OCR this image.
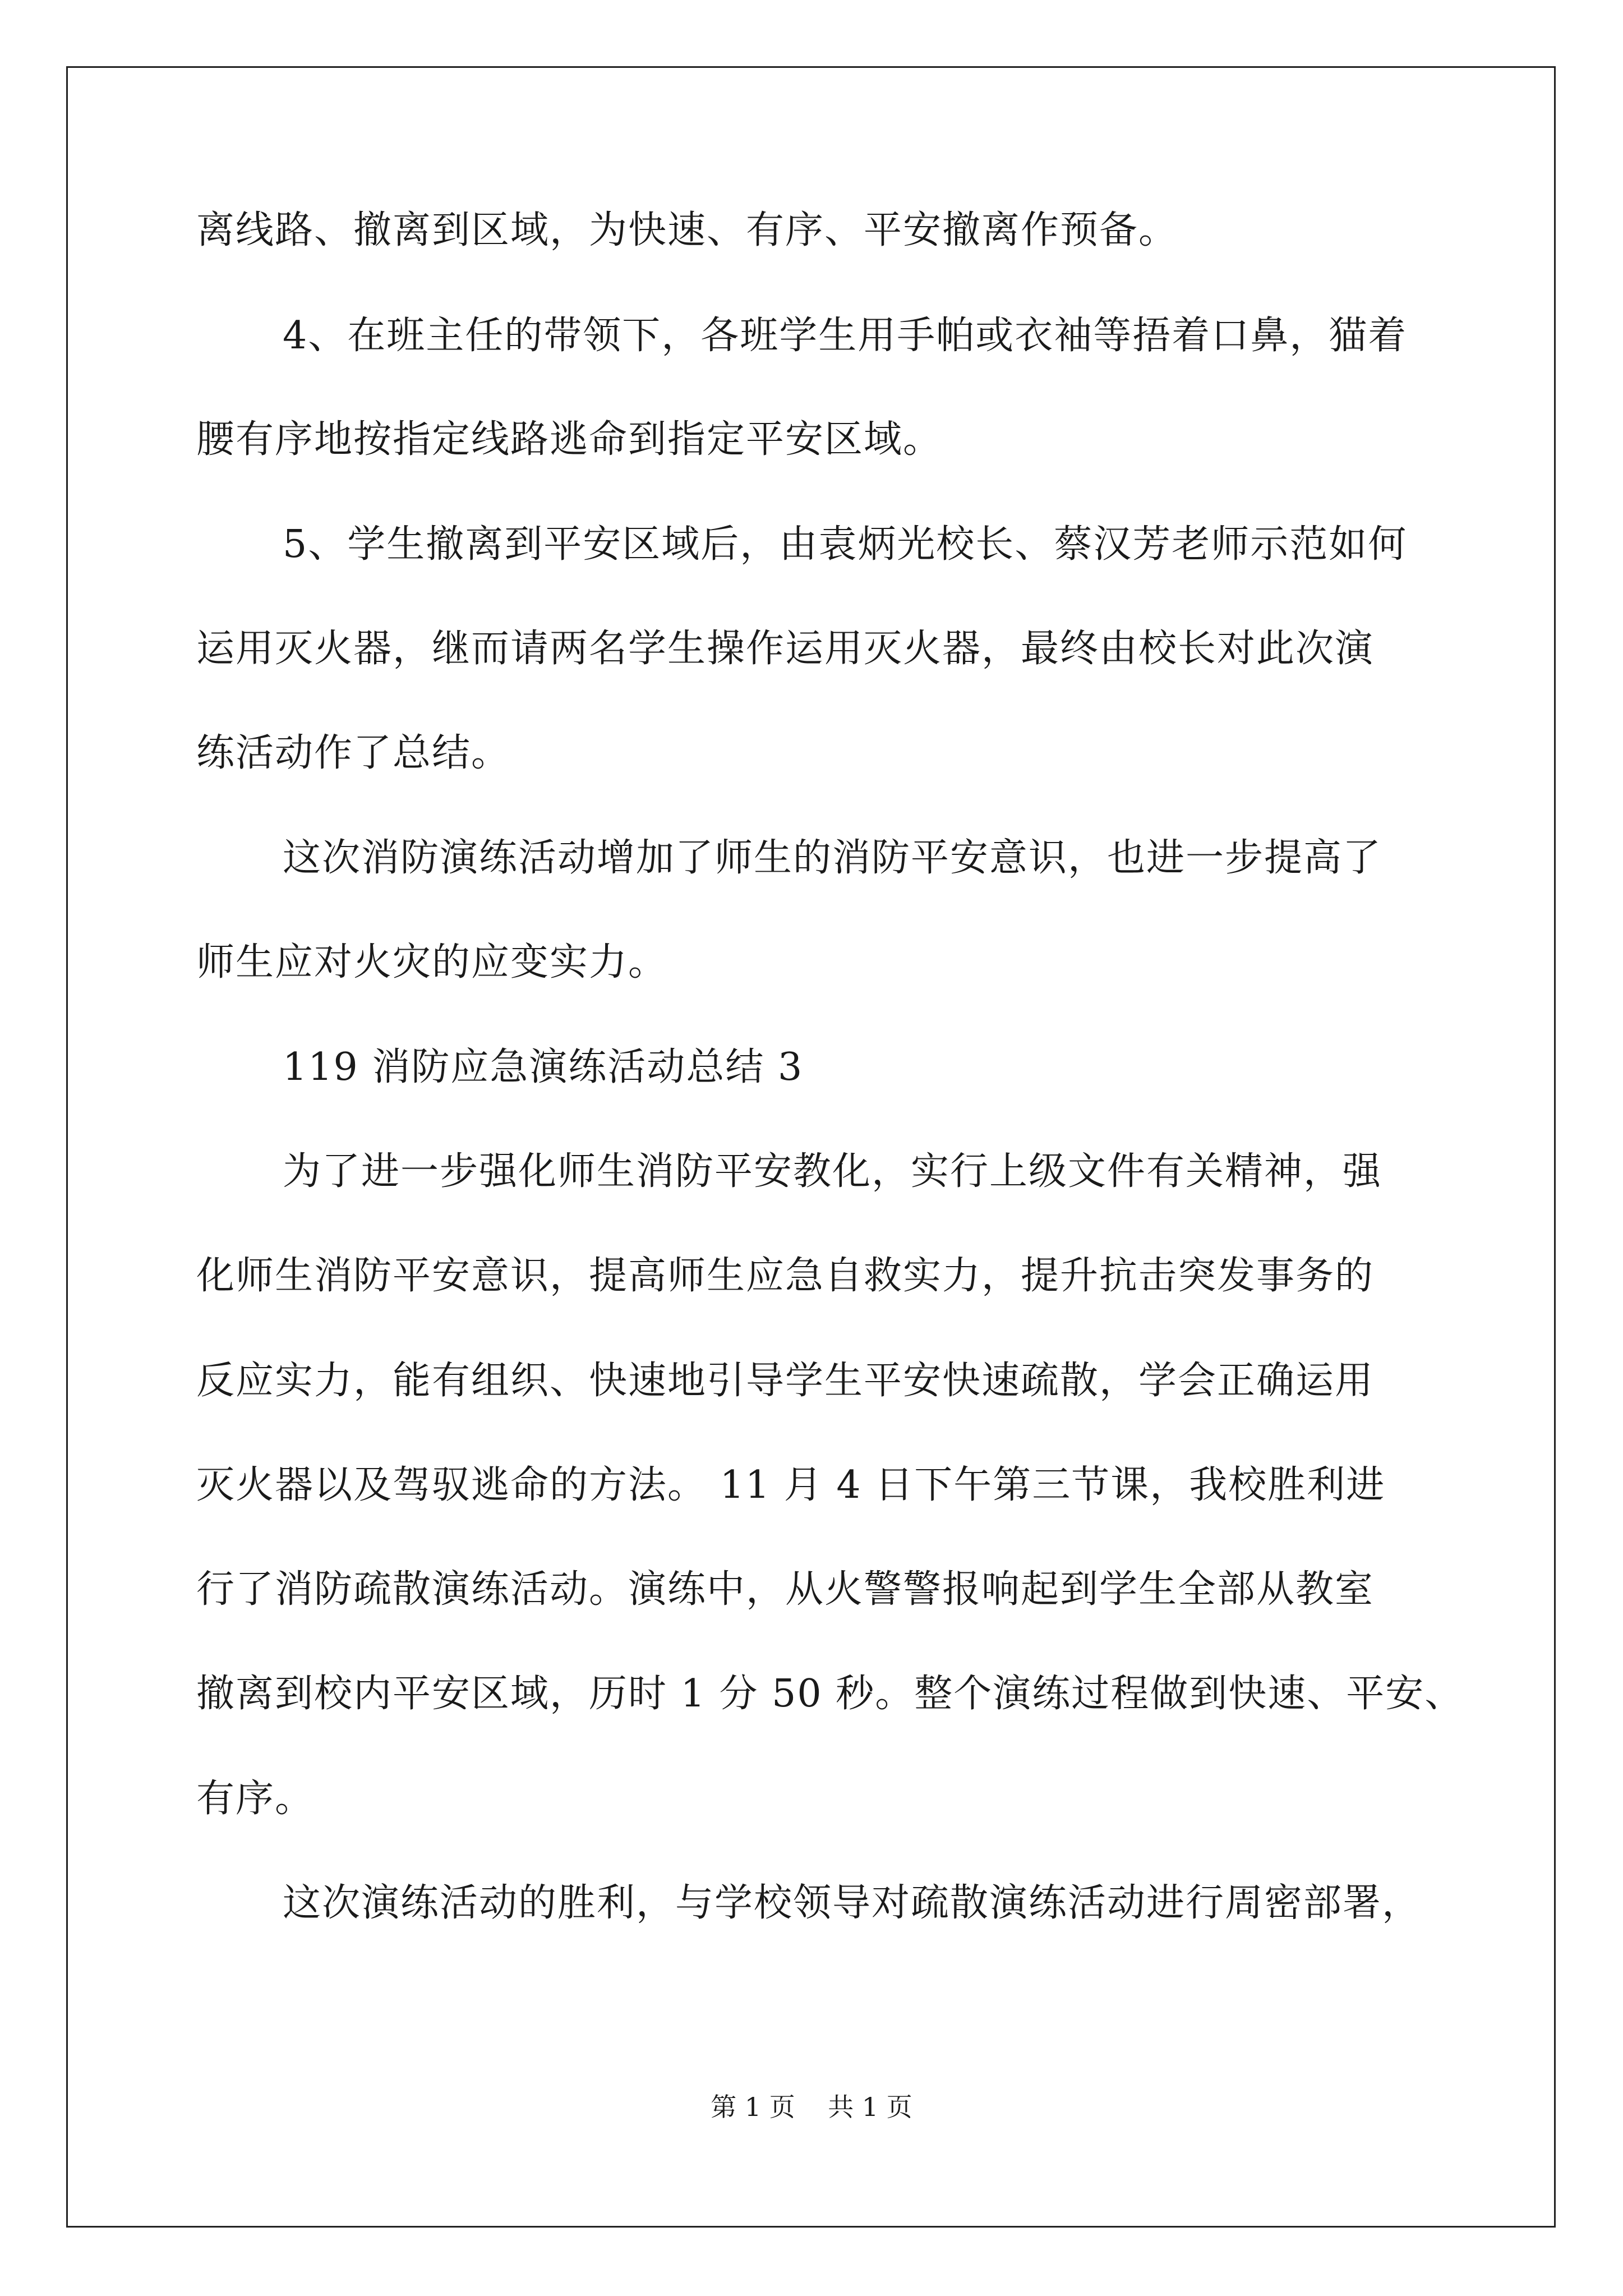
离线路、撤离到区域，为快速、有序、平安撤离作预备。
4、在班主任的带领下，各班学生用手帕或衣袖等捂着口鼻，猫着
腰有序地按指定线路逃命到指定平安区域。
5、学生撤离到平安区域后，由袁炳光校长、蔡汉芳老师示范如何
运用灭火器，继而请两名学生操作运用灭火器，最终由校长对此次演
练活动作了总结。
这次消防演练活动增加了师生的消防平安意识，也进一步提高了
师生应对火灾的应变实力。
119 消防应急演练活动总结 3
为了进一步强化师生消防平安教化，实行上级文件有关精神，强
化师生消防平安意识，提高师生应急自救实力，提升抗击突发事务的
反应实力，能有组织、快速地引导学生平安快速疏散，学会正确运用
灭火器以及驾驭逃命的方法。 11 月 4 日下午第三节课，我校胜利进
行了消防疏散演练活动。演练中，从火警警报响起到学生全部从教室
撤离到校内平安区域，历时 1 分 50 秒。整个演练过程做到快速、平安、
有序。
这次演练活动的胜利，与学校领导对疏散演练活动进行周密部署，
第 1 页    共 1 页
